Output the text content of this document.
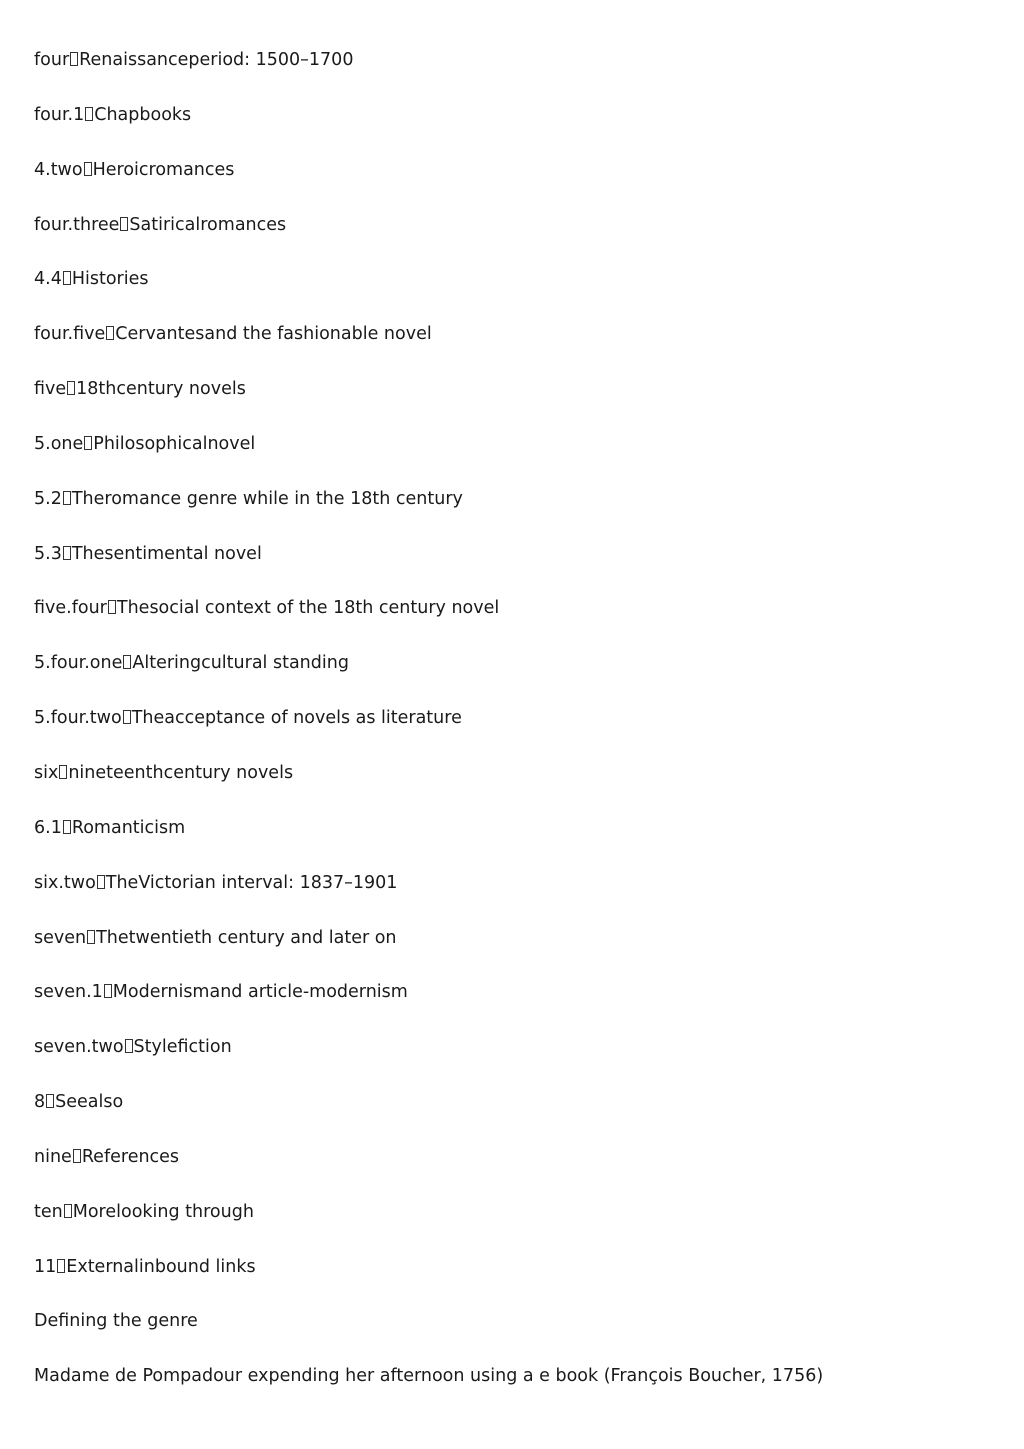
four Renaissanceperiod: 1500–1700
four.1 Chapbooks
4.two Heroicromances
four.three Satiricalromances
4.4 Histories
four.five Cervantesand the fashionable novel
five 18thcentury novels
5.one Philosophicalnovel
5.2 Theromance genre while in the 18th century
5.3 Thesentimental novel
five.four Thesocial context of the 18th century novel
5.four.one Alteringcultural standing
5.four.two Theacceptance of novels as literature
six nineteenthcentury novels
6.1 Romanticism
six.two TheVictorian interval: 1837–1901
seven Thetwentieth century and later on
seven.1 Modernismand article-modernism
seven.two Stylefiction
8 Seealso
nine References
ten Morelooking through
11 Externalinbound links
Defining the genre
Madame de Pompadour expending her afternoon using a e book (François Boucher, 1756)
